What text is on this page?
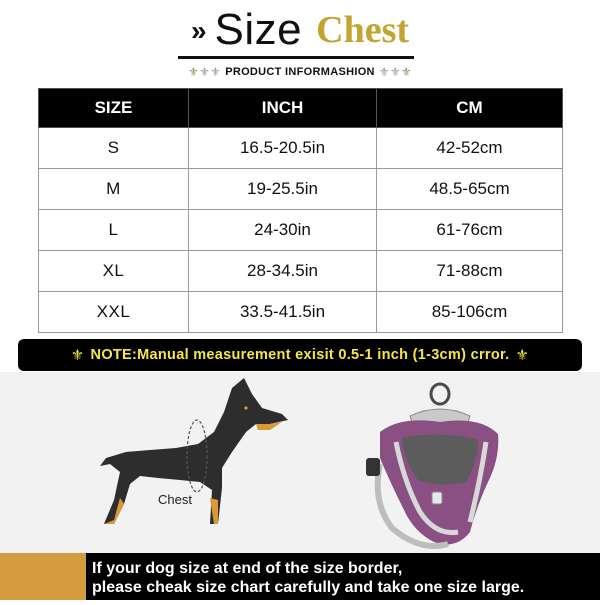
» Size Chest
⚜ ⚜ ⚜ PRODUCT INFORMASHION ⚜ ⚜ ⚜
SIZE	INCH	CM
S	16.5-20.5in	42-52cm
M	19-25.5in	48.5-65cm
L	24-30in	61-76cm
XL	28-34.5in	71-88cm
XXL	33.5-41.5in	85-106cm
⚜ NOTE:Manual measurement exisit 0.5-1 inch (1-3cm) crror. ⚜
Chest
If your dog size at end of the size border,
please cheak size chart carefully and take one size large.
